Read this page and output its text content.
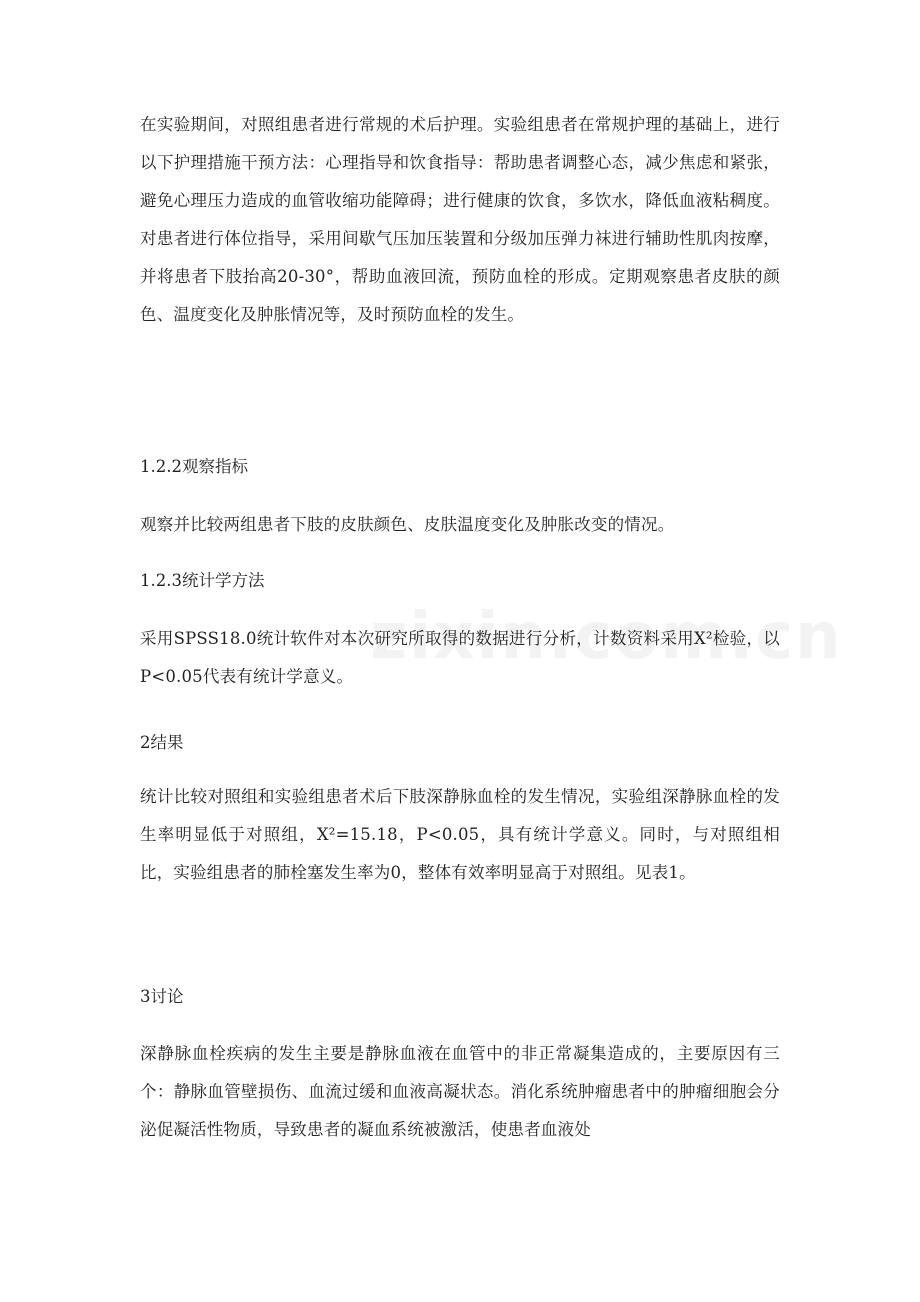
在实验期间，对照组患者进行常规的术后护理。实验组患者在常规护理的基础上，进行以下护理措施干预方法：心理指导和饮食指导：帮助患者调整心态，减少焦虑和紧张，避免心理压力造成的血管收缩功能障碍；进行健康的饮食，多饮水，降低血液粘稠度。对患者进行体位指导，采用间歇气压加压装置和分级加压弹力袜进行辅助性肌肉按摩，并将患者下肢抬高20-30°，帮助血液回流，预防血栓的形成。定期观察患者皮肤的颜色、温度变化及肿胀情况等，及时预防血栓的发生。

1.2.2观察指标

观察并比较两组患者下肢的皮肤颜色、皮肤温度变化及肿胀改变的情况。

1.2.3统计学方法

采用SPSS18.0统计软件对本次研究所取得的数据进行分析，计数资料采用X²检验，以P<0.05代表有统计学意义。

2结果

统计比较对照组和实验组患者术后下肢深静脉血栓的发生情况，实验组深静脉血栓的发生率明显低于对照组，X²=15.18，P<0.05，具有统计学意义。同时，与对照组相比，实验组患者的肺栓塞发生率为0，整体有效率明显高于对照组。见表1。

3讨论

深静脉血栓疾病的发生主要是静脉血液在血管中的非正常凝集造成的，主要原因有三个：静脉血管壁损伤、血流过缓和血液高凝状态。消化系统肿瘤患者中的肿瘤细胞会分泌促凝活性物质，导致患者的凝血系统被激活，使患者血液处
